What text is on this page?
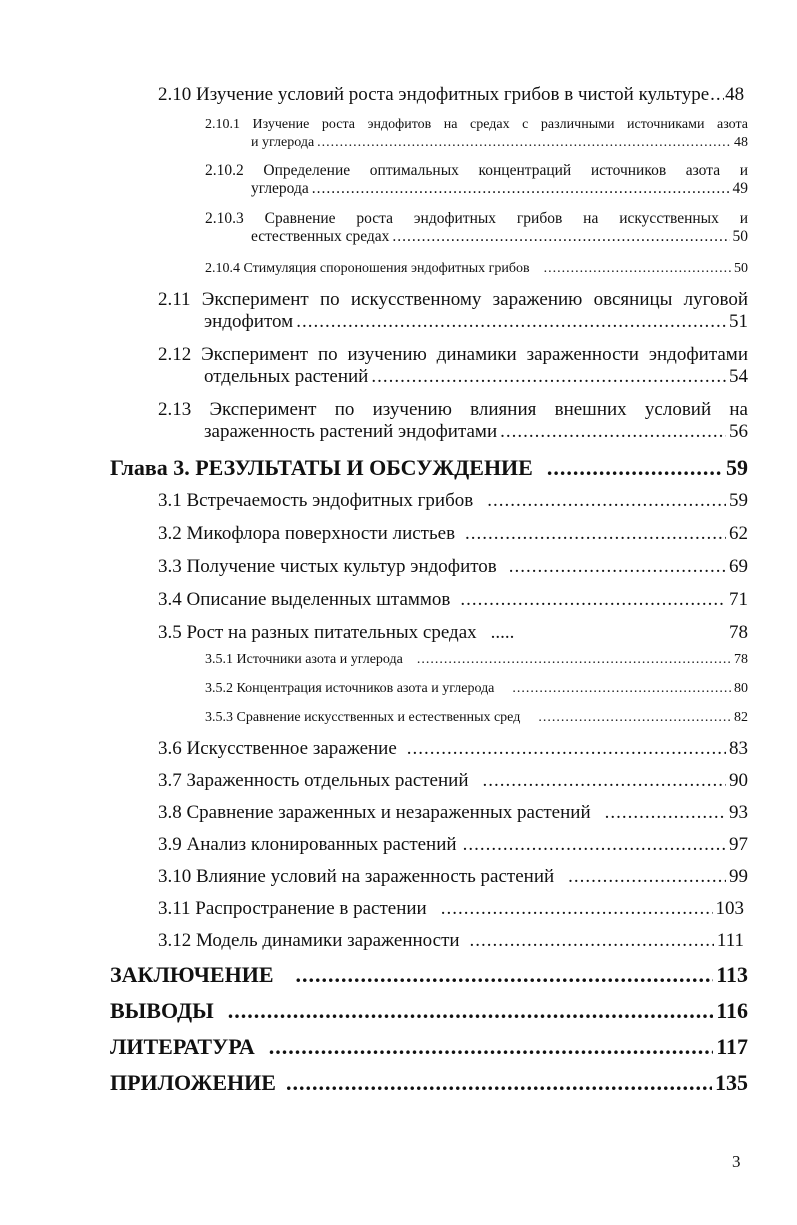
2.10 Изучение условий роста эндофитных грибов в чистой культуре ..... 48
2.10.1 Изучение роста эндофитов на средах с различными источниками азота
и углерода .....	48
2.10.2 Определение оптимальных концентраций источников азота и
углерода .....	49
2.10.3 Сравнение роста эндофитных грибов на искусственных и
естественных средах .....	50
2.10.4 Стимуляция спороношения эндофитных грибов .....	50
2.11 Эксперимент по искусственному заражению овсяницы луговой
эндофитом .....	51
2.12 Эксперимент по изучению динамики зараженности эндофитами
отдельных растений .....	54
2.13 Эксперимент по изучению влияния внешних условий на
зараженность растений эндофитами .....	56
Глава 3. РЕЗУЛЬТАТЫ И ОБСУЖДЕНИЕ .....	59
3.1 Встречаемость эндофитных грибов .....	59
3.2 Микофлора поверхности листьев .....	62
3.3 Получение чистых культур эндофитов .....	69
3.4 Описание выделенных штаммов .....	71
3.5 Рост на разных питательных средах .....	78
3.5.1 Источники азота и углерода .....	78
3.5.2 Концентрация источников азота и углерода .....	80
3.5.3 Сравнение искусственных и естественных сред .....	82
3.6 Искусственное заражение .....	83
3.7 Зараженность отдельных растений .....	90
3.8 Сравнение зараженных и незараженных растений .....	93
3.9 Анализ клонированных растений .....	97
3.10 Влияние условий на зараженность растений .....	99
3.11 Распространение в растении .....	103
3.12 Модель динамики зараженности .....	111
ЗАКЛЮЧЕНИЕ .....	113
ВЫВОДЫ .....	116
ЛИТЕРАТУРА .....	117
ПРИЛОЖЕНИЕ .....	135
3
